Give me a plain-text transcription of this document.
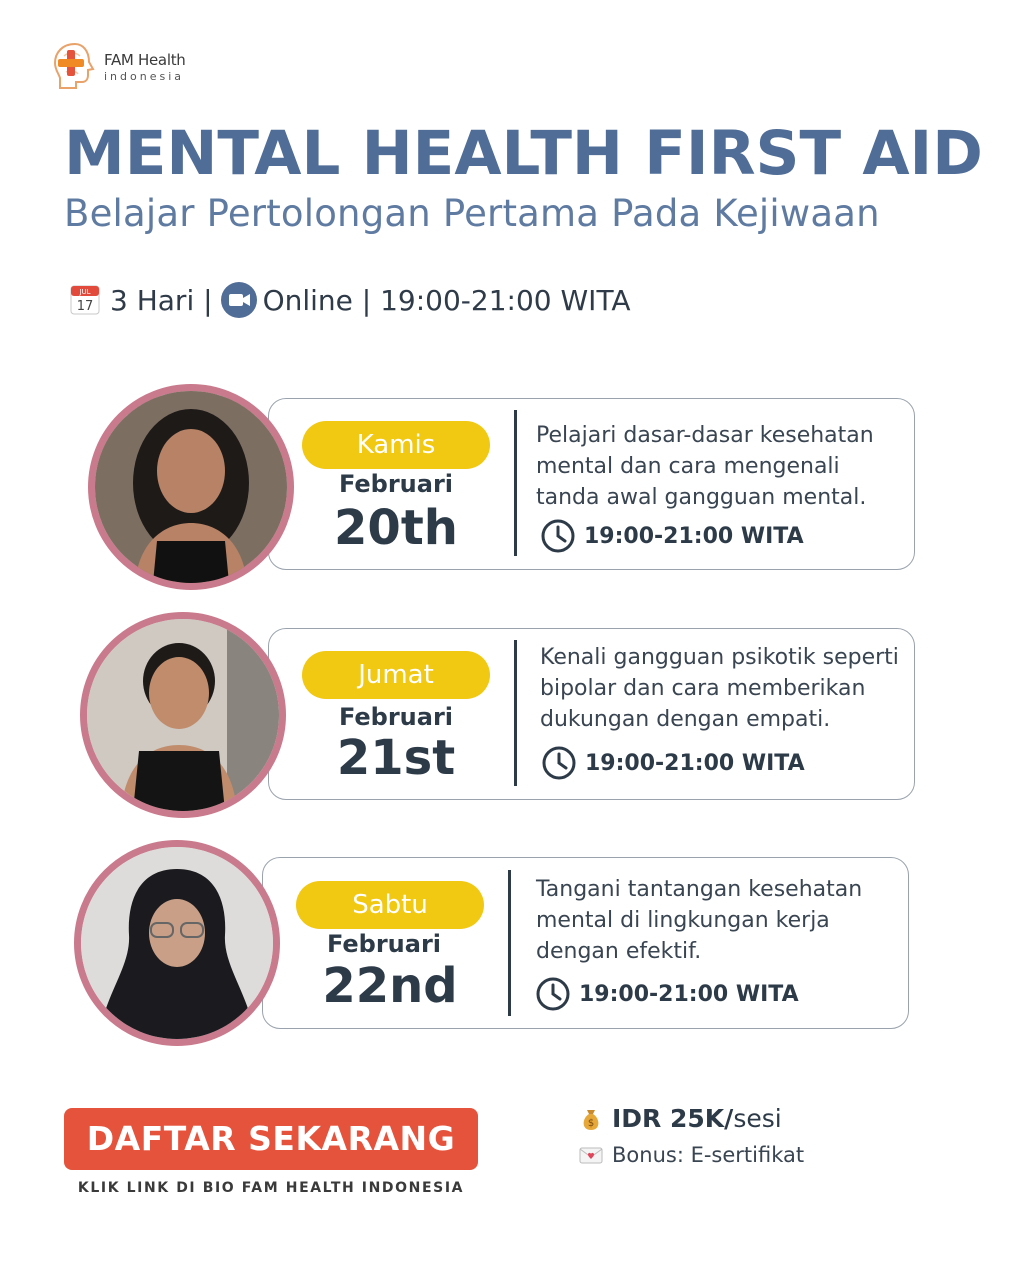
FAM Health
indonesia
MENTAL HEALTH FIRST AID
Belajar Pertolongan Pertama Pada Kejiwaan
JUL
17 3 Hari | Online | 19:00-21:00 WITA
Kamis
Februari
20th
Pelajari dasar-dasar kesehatan mental dan cara mengenali tanda awal gangguan mental.
19:00-21:00 WITA
Jumat
Februari
21st
Kenali gangguan psikotik seperti bipolar dan cara memberikan dukungan dengan empati.
19:00-21:00 WITA
Sabtu
Februari
22nd
Tangani tantangan kesehatan mental di lingkungan kerja dengan efektif.
19:00-21:00 WITA
DAFTAR SEKARANG
KLIK LINK DI BIO FAM HEALTH INDONESIA
$ IDR 25K/ sesi
Bonus: E-sertifikat
